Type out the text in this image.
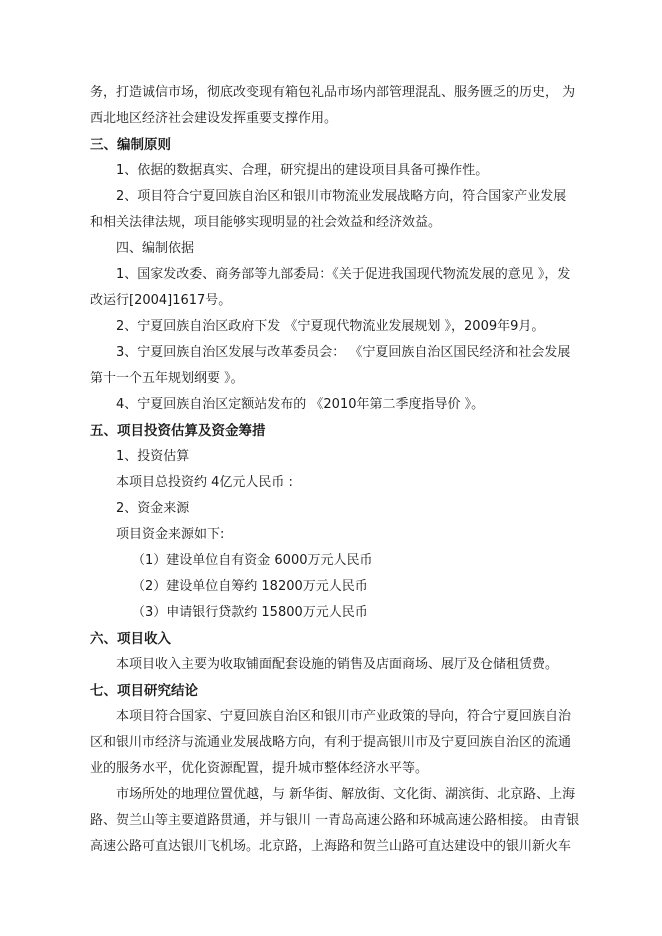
务，打造诚信市场，彻底改变现有箱包礼品市场内部管理混乱、服务匮乏的历史， 为
西北地区经济社会建设发挥重要支撑作用。
三、编制原则
1、依据的数据真实、合理，研究提出的建设项目具备可操作性。
2、项目符合宁夏回族自治区和银川市物流业发展战略方向，符合国家产业发展
和相关法律法规，项目能够实现明显的社会效益和经济效益。
四、编制依据
1、国家发改委、商务部等九部委局：《关于促进我国现代物流发展的意见 》，发
改运行[2004]1617号。
2、宁夏回族自治区政府下发 《宁夏现代物流业发展规划 》，2009年9月。
3、宁夏回族自治区发展与改革委员会： 《宁夏回族自治区国民经济和社会发展
第十一个五年规划纲要 》。
4、宁夏回族自治区定额站发布的 《2010年第二季度指导价 》。
五、项目投资估算及资金筹措
1、投资估算
本项目总投资约 4亿元人民币 :
2、资金来源
项目资金来源如下:
（1）建设单位自有资金 6000万元人民币
（2）建设单位自筹约 18200万元人民币
（3）申请银行贷款约 15800万元人民币
六、项目收入
本项目收入主要为收取铺面配套设施的销售及店面商场、展厅及仓储租赁费。
七、项目研究结论
本项目符合国家、宁夏回族自治区和银川市产业政策的导向，符合宁夏回族自治
区和银川市经济与流通业发展战略方向，有利于提高银川市及宁夏回族自治区的流通
业的服务水平，优化资源配置，提升城市整体经济水平等。
市场所处的地理位置优越，与 新华街、解放街、文化街、湖滨街、北京路、上海
路、贺兰山等主要道路贯通，并与银川 一青岛高速公路和环城高速公路相接。 由青银
高速公路可直达银川飞机场。北京路，上海路和贺兰山路可直达建设中的银川新火车
